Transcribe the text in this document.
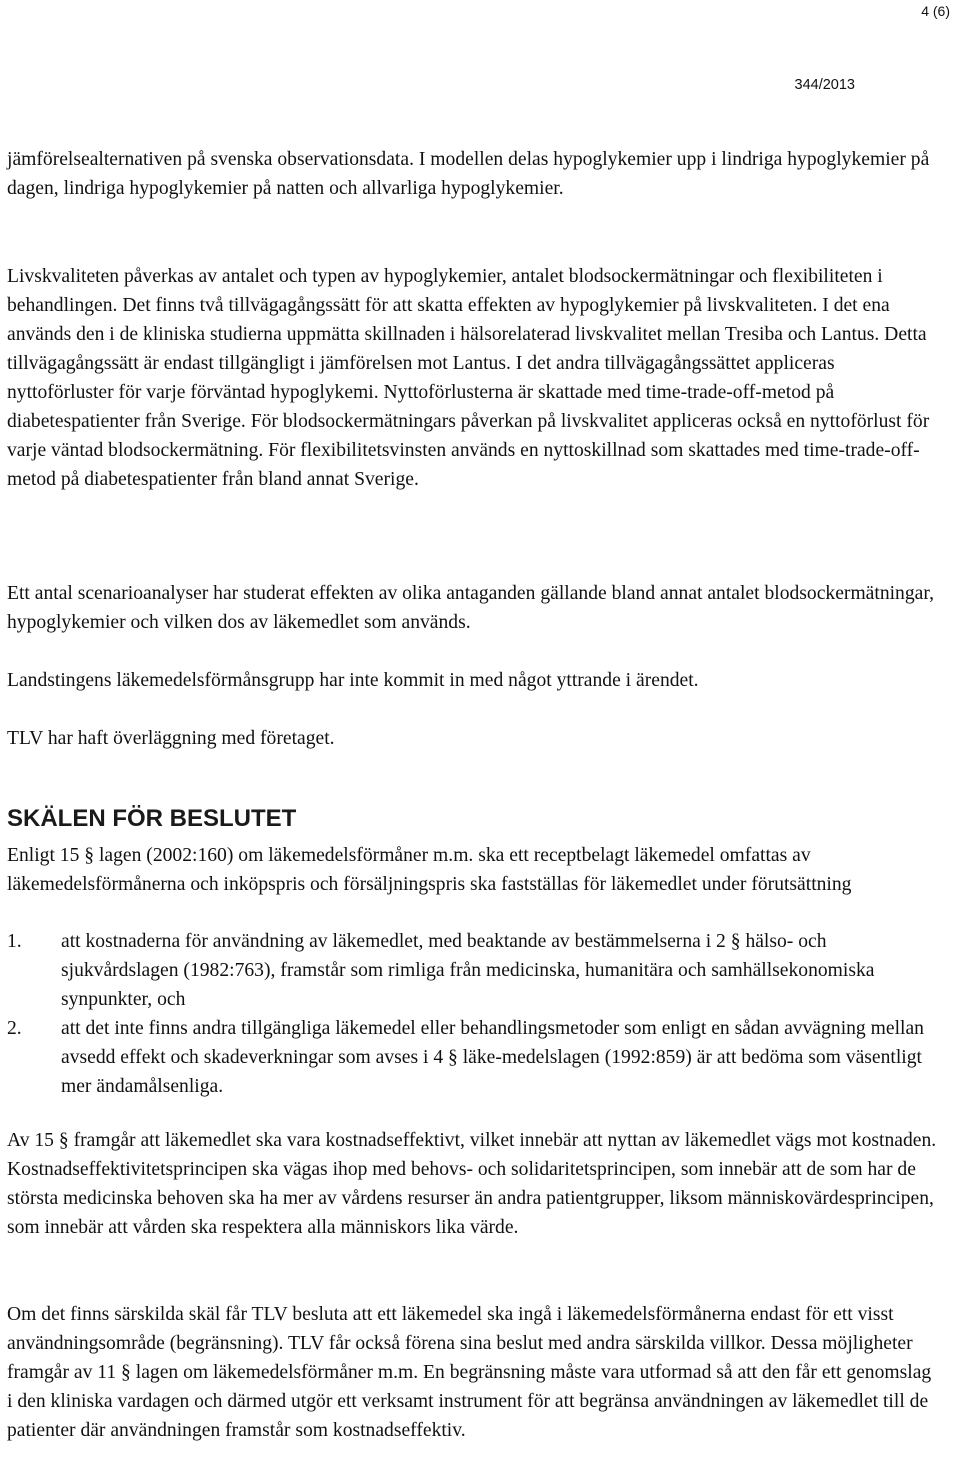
4 (6)
344/2013

jämförelsealternativen på svenska observationsdata. I modellen delas hypoglykemier upp i lindriga hypoglykemier på dagen, lindriga hypoglykemier på natten och allvarliga hypoglykemier.

Livskvaliteten påverkas av antalet och typen av hypoglykemier, antalet blodsockermätningar och flexibiliteten i behandlingen. Det finns två tillvägagångssätt för att skatta effekten av hypoglykemier på livskvaliteten. I det ena används den i de kliniska studierna uppmätta skillnaden i hälsorelaterad livskvalitet mellan Tresiba och Lantus. Detta tillvägagångssätt är endast tillgängligt i jämförelsen mot Lantus. I det andra tillvägagångssättet appliceras nyttoförluster för varje förväntad hypoglykemi. Nyttoförlusterna är skattade med time-trade-off-metod på diabetespatienter från Sverige. För blodsockermätningars påverkan på livskvalitet appliceras också en nyttoförlust för varje väntad blodsockermätning. För flexibilitetsvinsten används en nyttoskillnad som skattades med time-trade-off-metod på diabetespatienter från bland annat Sverige.

Ett antal scenarioanalyser har studerat effekten av olika antaganden gällande bland annat antalet blodsockermätningar, hypoglykemier och vilken dos av läkemedlet som används.

Landstingens läkemedelsförmånsgrupp har inte kommit in med något yttrande i ärendet.

TLV har haft överläggning med företaget.

SKÄLEN FÖR BESLUTET

Enligt 15 § lagen (2002:160) om läkemedelsförmåner m.m. ska ett receptbelagt läkemedel omfattas av läkemedelsförmånerna och inköpspris och försäljningspris ska fastställas för läkemedlet under förutsättning

1.	att kostnaderna för användning av läkemedlet, med beaktande av bestämmelserna i 2 § hälso- och sjukvårdslagen (1982:763), framstår som rimliga från medicinska, humanitära och samhällsekonomiska synpunkter, och
2.	att det inte finns andra tillgängliga läkemedel eller behandlingsmetoder som enligt en sådan avvägning mellan avsedd effekt och skadeverkningar som avses i 4 § läke-medelslagen (1992:859) är att bedöma som väsentligt mer ändamålsenliga.

Av 15 § framgår att läkemedlet ska vara kostnadseffektivt, vilket innebär att nyttan av läkemedlet vägs mot kostnaden. Kostnadseffektivitetsprincipen ska vägas ihop med behovs- och solidaritetsprincipen, som innebär att de som har de största medicinska behoven ska ha mer av vårdens resurser än andra patientgrupper, liksom människovärdesprincipen, som innebär att vården ska respektera alla människors lika värde.

Om det finns särskilda skäl får TLV besluta att ett läkemedel ska ingå i läkemedelsförmånerna endast för ett visst användningsområde (begränsning). TLV får också förena sina beslut med andra särskilda villkor. Dessa möjligheter framgår av 11 § lagen om läkemedelsförmåner m.m. En begränsning måste vara utformad så att den får ett genomslag i den kliniska vardagen och därmed utgör ett verksamt instrument för att begränsa användningen av läkemedlet till de patienter där användningen framstår som kostnadseffektiv.
